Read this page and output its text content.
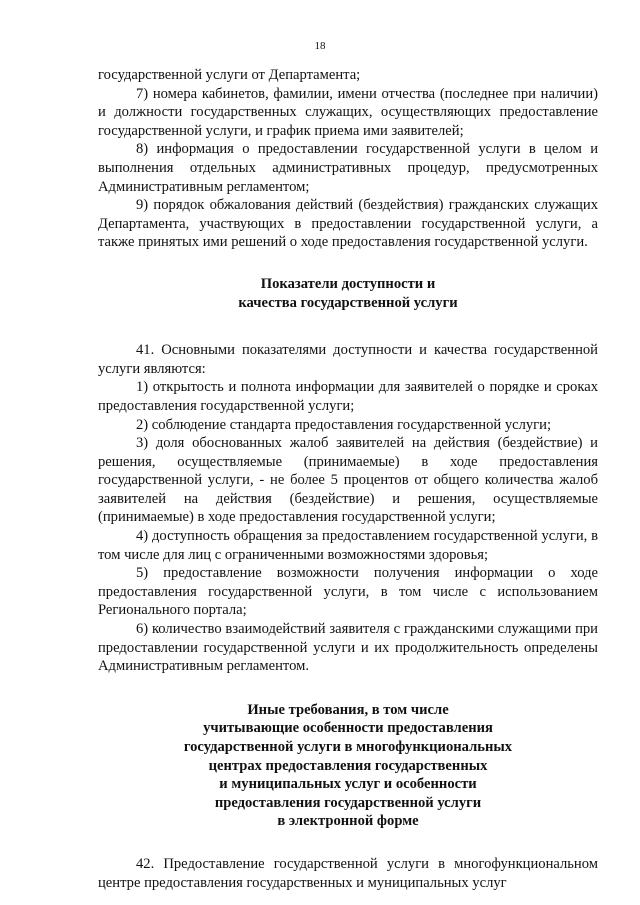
18

государственной услуги от Департамента;

7) номера кабинетов, фамилии, имени отчества (последнее при наличии) и должности государственных служащих, осуществляющих предоставление государственной услуги, и график приема ими заявителей;

8) информация о предоставлении государственной услуги в целом и выполнения отдельных административных процедур, предусмотренных Административным регламентом;

9) порядок обжалования действий (бездействия) гражданских служащих Департамента, участвующих в предоставлении государственной услуги, а также принятых ими решений о ходе предоставления государственной услуги.

Показатели доступности и

качества государственной услуги

41. Основными показателями доступности и качества государственной услуги являются:

1) открытость и полнота информации для заявителей о порядке и сроках предоставления государственной услуги;

2) соблюдение стандарта предоставления государственной услуги;

3) доля обоснованных жалоб заявителей на действия (бездействие) и решения, осуществляемые (принимаемые) в ходе предоставления государственной услуги, - не более 5 процентов от общего количества жалоб заявителей на действия (бездействие) и решения, осуществляемые (принимаемые) в ходе предоставления государственной услуги;

4) доступность обращения за предоставлением государственной услуги, в том числе для лиц с ограниченными возможностями здоровья;

5) предоставление возможности получения информации о ходе предоставления государственной услуги, в том числе с использованием Регионального портала;

6) количество взаимодействий заявителя с гражданскими служащими при предоставлении государственной услуги и их продолжительность определены Административным регламентом.

Иные требования, в том числе

учитывающие особенности предоставления

государственной услуги в многофункциональных

центрах предоставления государственных

и муниципальных услуг и особенности

предоставления государственной услуги

в электронной форме

42. Предоставление государственной услуги в многофункциональном центре предоставления государственных и муниципальных услуг
